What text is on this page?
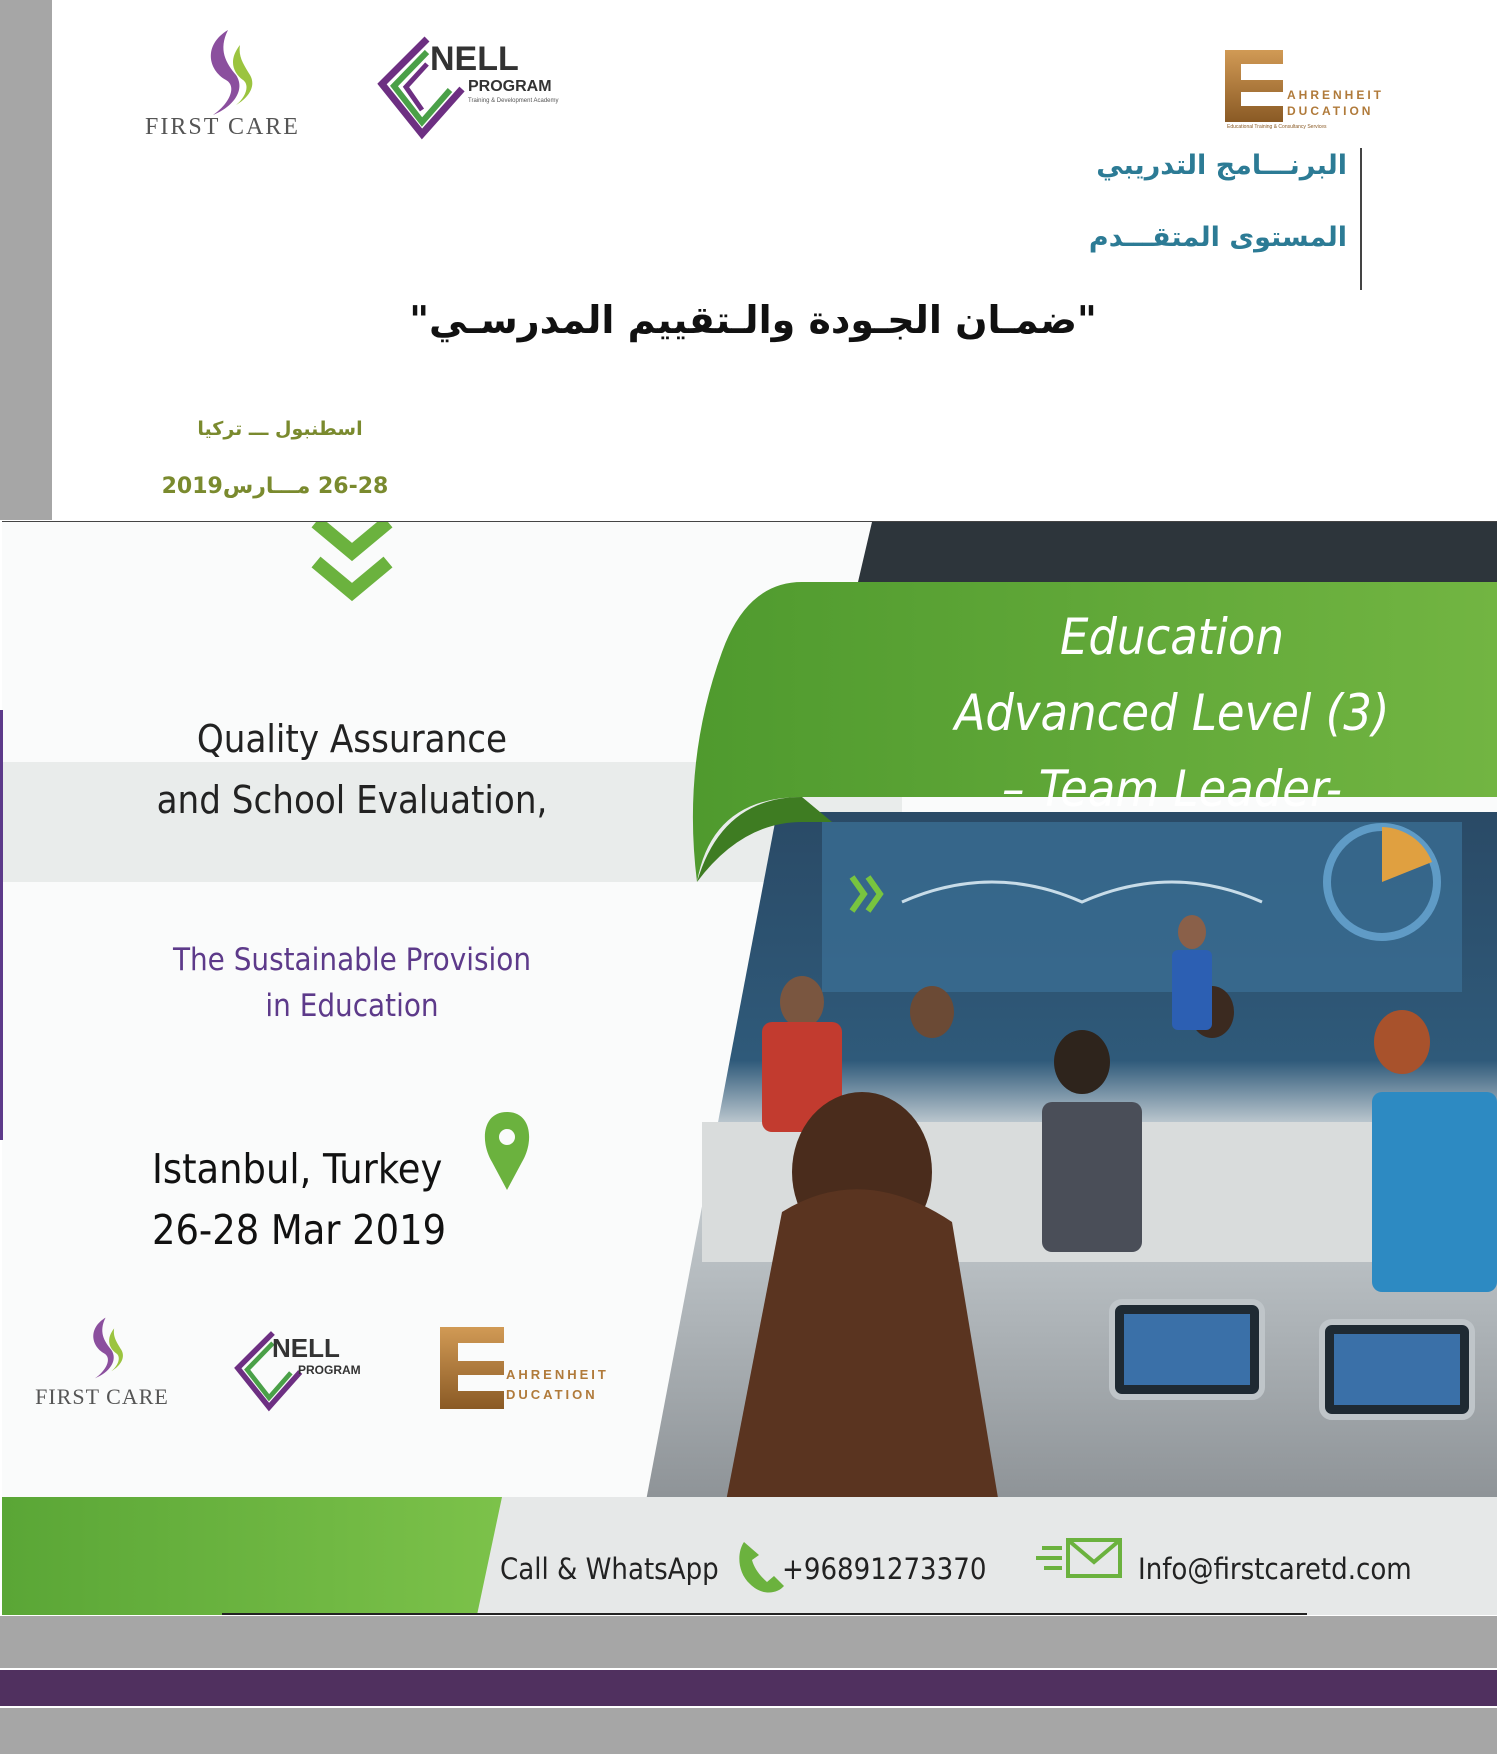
FIRST CARE
NELL
PROGRAM
Training & Development Academy	AHRENHEIT
DUCATION
Educational Training & Consultancy Services
البرنـــامج التدريبي
المستوى المتقـــدم
"ضمـان الجـودة والـتقييم المدرسـي"
اسطنبول ـــ تركيا
26-28 مـــارس2019
Quality Assurance
and School Evaluation,
The Sustainable Provision
in Education
Istanbul, Turkey
26-28 Mar 2019
Education
Advanced Level (3)
– Team Leader-
FIRST CARE
NELL
PROGRAM	AHRENHEIT
DUCATION
Call & WhatsApp +96891273370	Info@firstcaretd.com
